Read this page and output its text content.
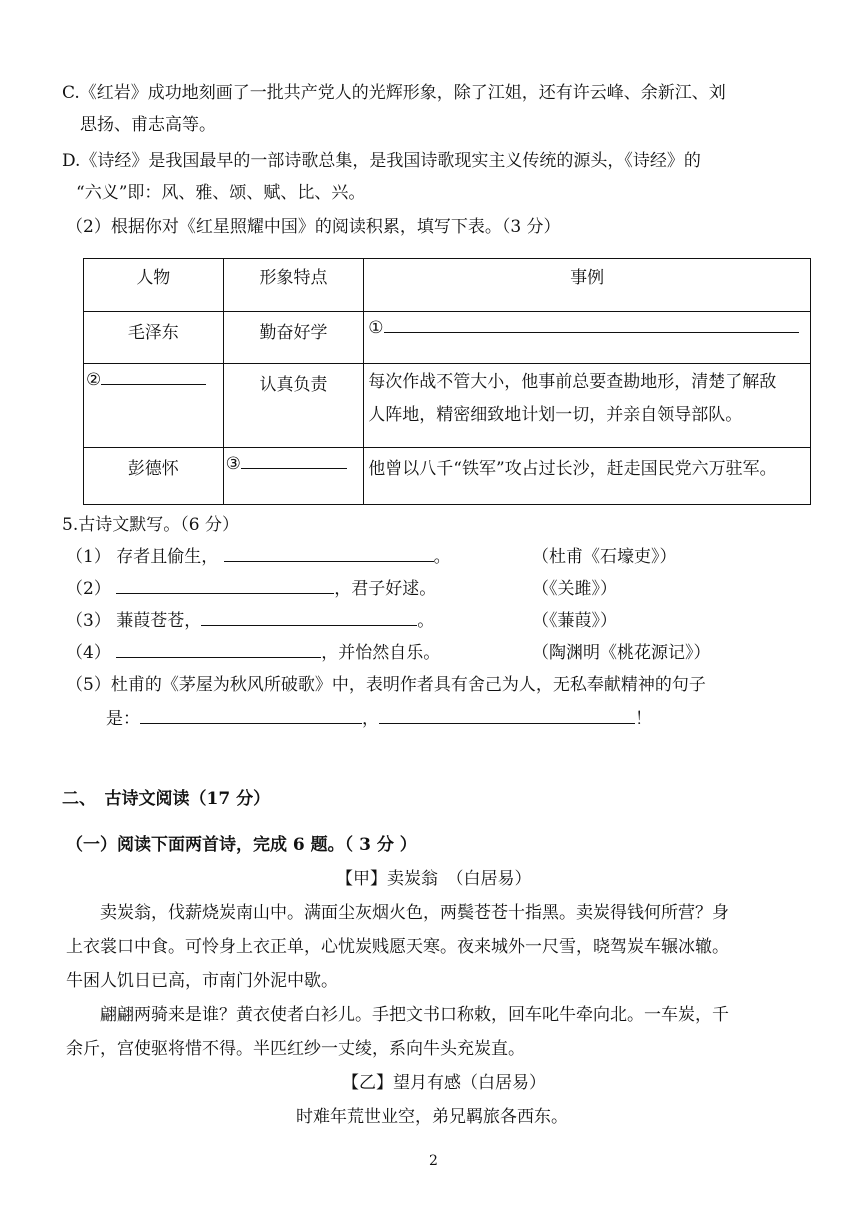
C.《红岩》成功地刻画了一批共产党人的光辉形象，除了江姐，还有许云峰、余新江、刘
思扬、甫志高等。
D.《诗经》是我国最早的一部诗歌总集，是我国诗歌现实主义传统的源头，《诗经》的
“六义”即：风、雅、颂、赋、比、兴。
（2）根据你对《红星照耀中国》的阅读积累，填写下表。（3 分）
人物	形象特点	事例
毛泽东	勤奋好学	①
②	认真负责	每次作战不管大小，他事前总要查勘地形，清楚了解敌
人阵地，精密细致地计划一切，并亲自领导部队。

彭德怀	③	他曾以八千“铁军”攻占过长沙，赶走国民党六万驻军。
5.古诗文默写。（6 分）
（1） 存者且偷生，	。	（杜甫《石壕吏》）
（2）	，君子好逑。	（《关雎》）
（3） 蒹葭苍苍，	。	（《蒹葭》）
（4）	，并怡然自乐。	（陶渊明《桃花源记》）
（5）杜甫的《茅屋为秋风所破歌》中，表明作者具有舍己为人，无私奉献精神的句子
是：	，	！
二、　古诗文阅读（17 分）
（一）阅读下面两首诗，完成 6 题。（ 3 分 ）
【甲】卖炭翁　（白居易）
卖炭翁，伐薪烧炭南山中。满面尘灰烟火色，两鬓苍苍十指黑。卖炭得钱何所营？身
上衣裳口中食。可怜身上衣正单，心忧炭贱愿天寒。夜来城外一尺雪，晓驾炭车辗冰辙。
牛困人饥日已高，市南门外泥中歇。
翩翩两骑来是谁？黄衣使者白衫儿。手把文书口称敕，回车叱牛牵向北。一车炭，千
余斤，宫使驱将惜不得。半匹红纱一丈绫，系向牛头充炭直。
【乙】望月有感（白居易）
时难年荒世业空，弟兄羁旅各西东。
2
